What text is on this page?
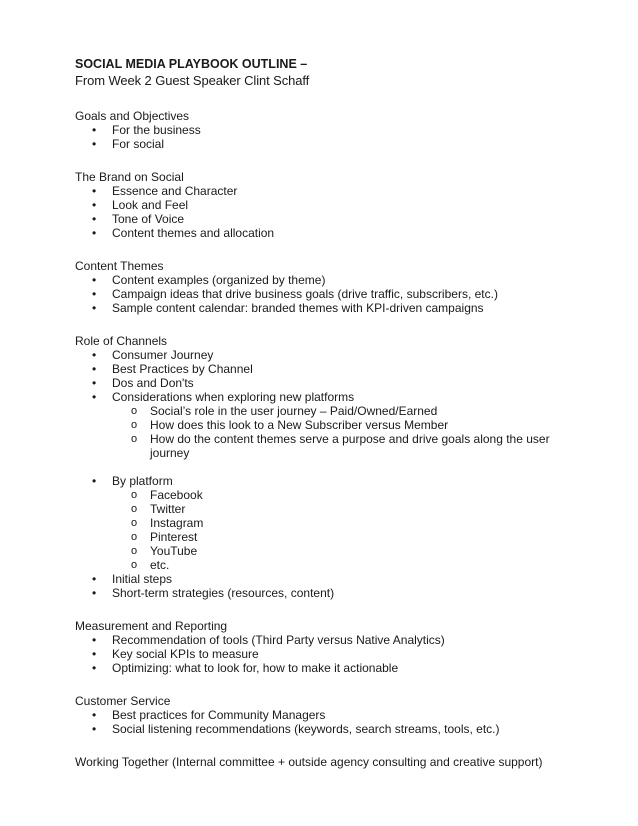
SOCIAL MEDIA PLAYBOOK OUTLINE –

From Week 2 Guest Speaker Clint Schaff

Goals and Objectives

• For the business
• For social

The Brand on Social

• Essence and Character
• Look and Feel
• Tone of Voice
• Content themes and allocation

Content Themes

• Content examples (organized by theme)
• Campaign ideas that drive business goals (drive traffic, subscribers, etc.)
• Sample content calendar: branded themes with KPI-driven campaigns

Role of Channels

• Consumer Journey
• Best Practices by Channel
• Dos and Don'ts
• Considerations when exploring new platforms
o Social’s role in the user journey – Paid/Owned/Earned
o How does this look to a New Subscriber versus Member
o How do the content themes serve a purpose and drive goals along the user journey
• By platform
o Facebook
o Twitter
o Instagram
o Pinterest
o YouTube
o etc.
• Initial steps
• Short-term strategies (resources, content)

Measurement and Reporting

• Recommendation of tools (Third Party versus Native Analytics)
• Key social KPIs to measure
• Optimizing: what to look for, how to make it actionable

Customer Service

• Best practices for Community Managers
• Social listening recommendations (keywords, search streams, tools, etc.)

Working Together (Internal committee + outside agency consulting and creative support)
